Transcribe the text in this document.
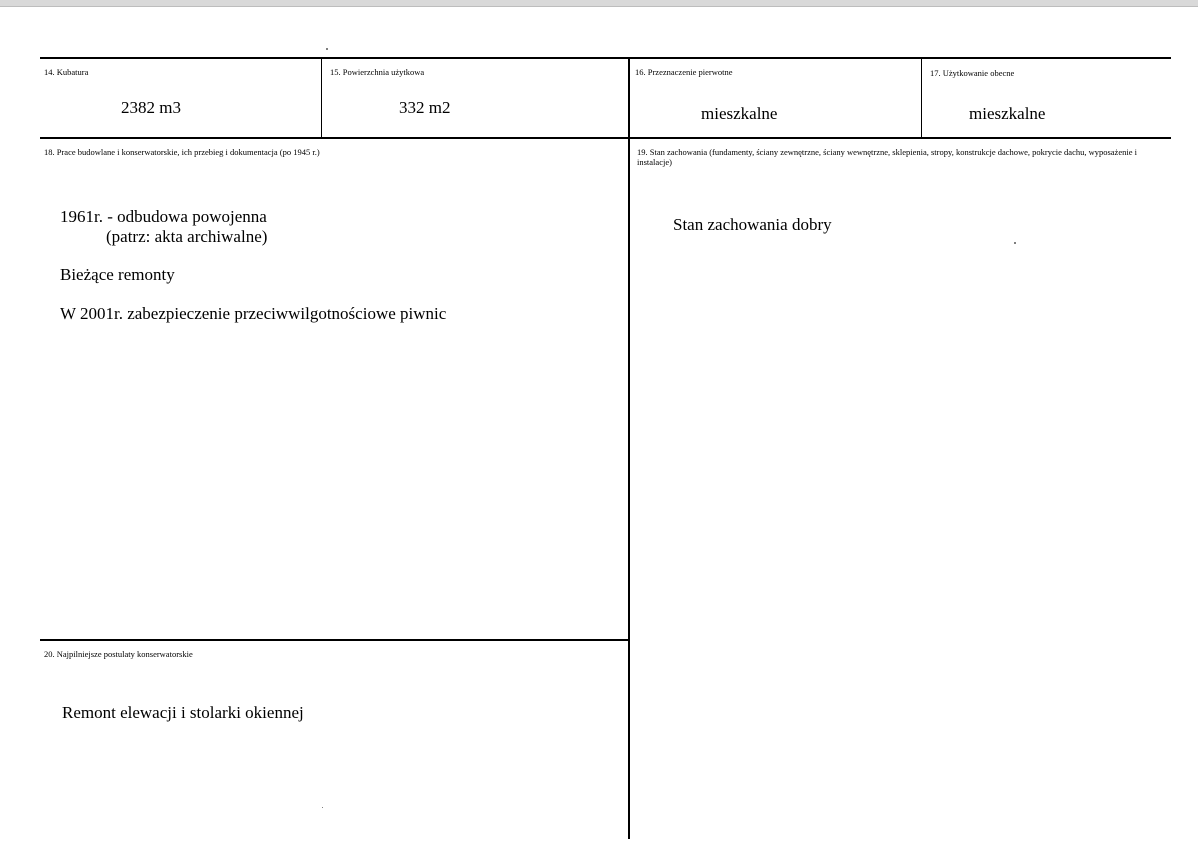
14. Kubatura
2382 m3
15. Powierzchnia użytkowa
332 m2
16. Przeznaczenie pierwotne
mieszkalne
17. Użytkowanie obecne
mieszkalne
18. Prace budowlane i konserwatorskie, ich przebieg i dokumentacja (po 1945 r.)
1961r. - odbudowa powojenna
(patrz: akta archiwalne)
Bieżące remonty
W 2001r. zabezpieczenie przeciwwilgotnościowe piwnic
19. Stan zachowania (fundamenty, ściany zewnętrzne, ściany wewnętrzne, sklepienia, stropy, konstrukcje dachowe, pokrycie dachu, wyposażenie i instalacje)
Stan zachowania dobry
20. Najpilniejsze postulaty konserwatorskie
Remont elewacji i stolarki okiennej
